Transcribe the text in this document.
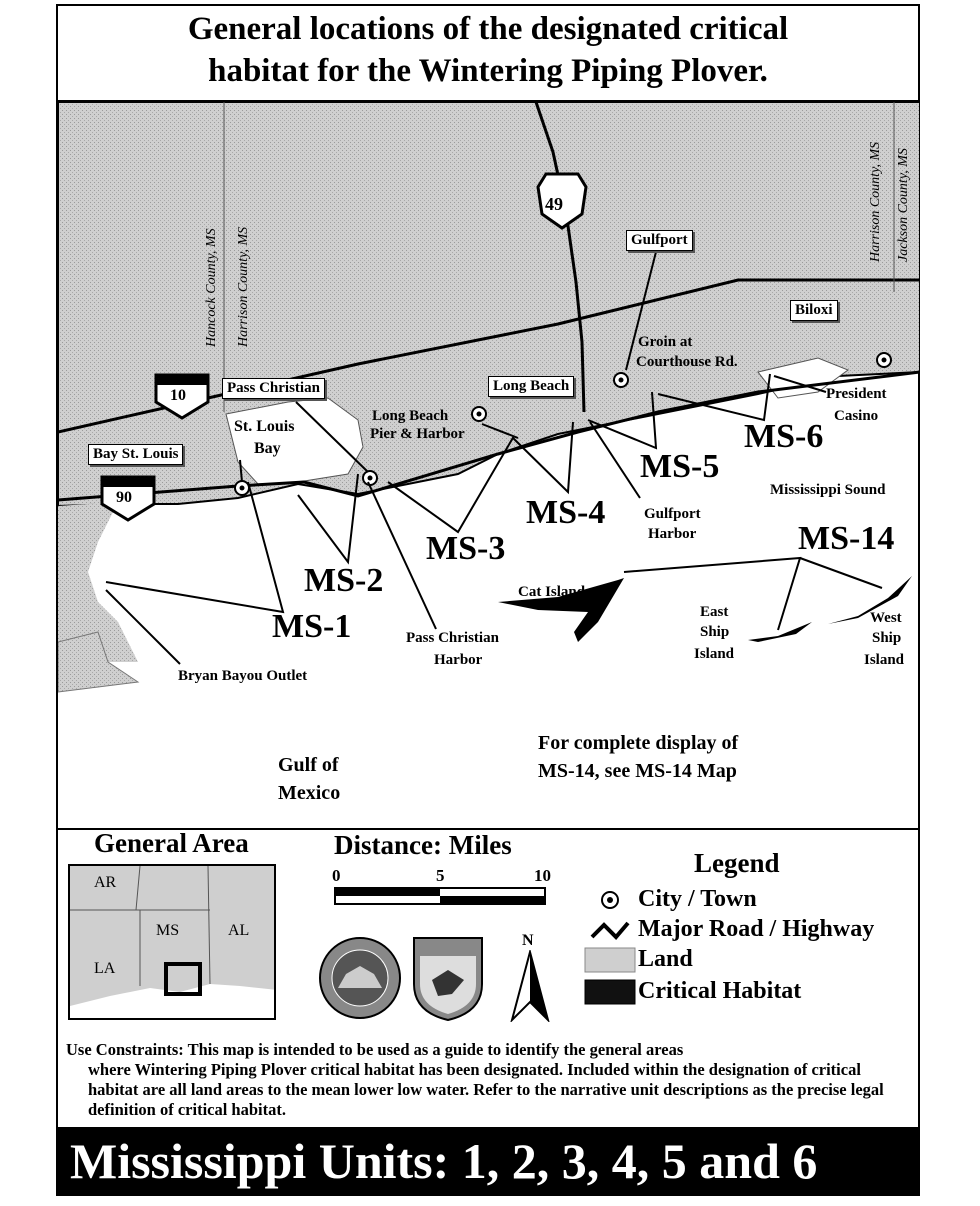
General locations of the designated critical
habitat for the Wintering Piping Plover.
49
10
90
Hancock County, MS Harrison County, MS
Harrison County, MS Jackson County, MS
Gulfport
Biloxi
Pass Christian	Long Beach
Bay St. Louis
St. Louis
Bay
Long Beach
Pier & Harbor
Groin at
Courthouse Rd.
President
Casino
Mississippi Sound
Gulfport
Harbor
Cat Island
East
Ship
Island
West
Ship
Island
Pass Christian
Harbor
Bryan Bayou Outlet
Gulf of
Mexico
For complete display of
MS-14, see MS-14 Map
MS-1
MS-2
MS-3
MS-4
MS-5
MS-6
MS-14
General Area
AR
MS	AL
LA
Distance: Miles
0	5	10
N
Legend
City / Town
Major Road / Highway
Land
Critical Habitat
Use Constraints: This map is intended to be used as a guide to identify the general areas
where Wintering Piping Plover critical habitat has been designated. Included within the designation of critical habitat are all land areas to the mean lower low water. Refer to the narrative unit descriptions as the precise legal definition of critical habitat.
Mississippi Units: 1, 2, 3, 4, 5 and 6
